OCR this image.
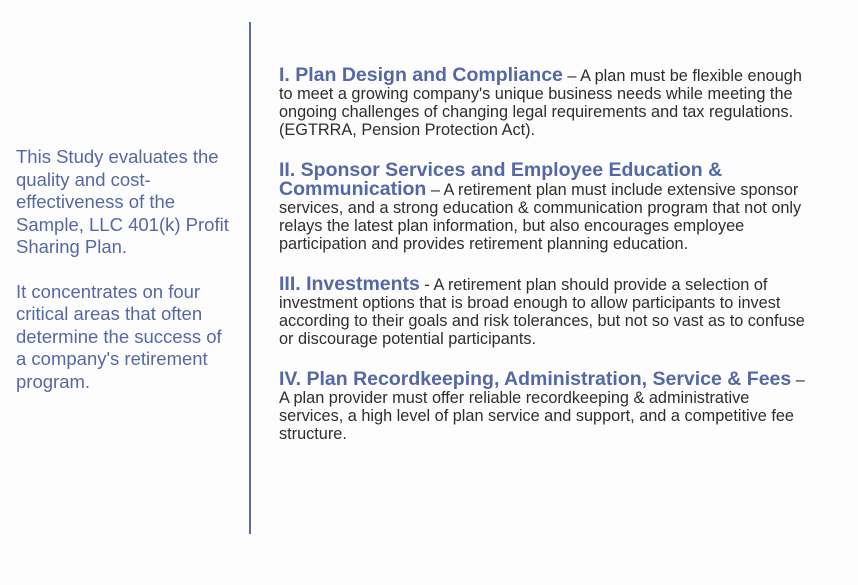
This Study evaluates the quality and cost-effectiveness of the Sample, LLC 401(k) Profit Sharing Plan.

It concentrates on four critical areas that often determine the success of a company's retirement program.

I. Plan Design and Compliance – A plan must be flexible enough to meet a growing company's unique business needs while meeting the ongoing challenges of changing legal requirements and tax regulations. (EGTRRA, Pension Protection Act).

II. Sponsor Services and Employee Education & Communication – A retirement plan must include extensive sponsor services, and a strong education & communication program that not only relays the latest plan information, but also encourages employee participation and provides retirement planning education.

III. Investments - A retirement plan should provide a selection of investment options that is broad enough to allow participants to invest according to their goals and risk tolerances, but not so vast as to confuse or discourage potential participants.

IV. Plan Recordkeeping, Administration, Service & Fees – A plan provider must offer reliable recordkeeping & administrative services, a high level of plan service and support, and a competitive fee structure.
